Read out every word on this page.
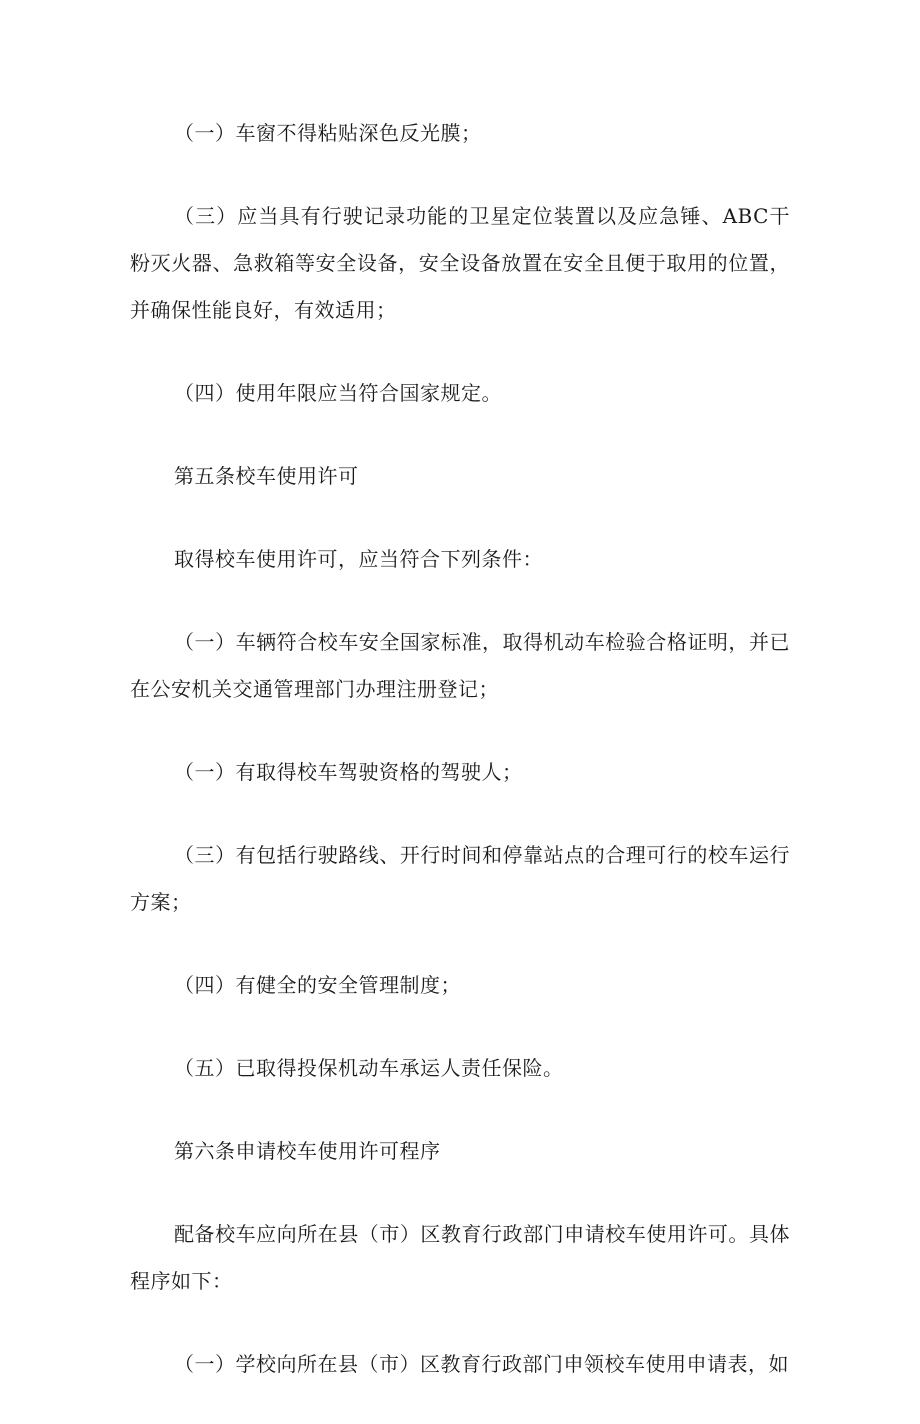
（一）车窗不得粘贴深色反光膜；

（三）应当具有行驶记录功能的卫星定位装置以及应急锤、ABC干粉灭火器、急救箱等安全设备，安全设备放置在安全且便于取用的位置，并确保性能良好，有效适用；

（四）使用年限应当符合国家规定。

第五条校车使用许可

取得校车使用许可，应当符合下列条件：

（一）车辆符合校车安全国家标准，取得机动车检验合格证明，并已在公安机关交通管理部门办理注册登记；

（一）有取得校车驾驶资格的驾驶人；

（三）有包括行驶路线、开行时间和停靠站点的合理可行的校车运行方案；

（四）有健全的安全管理制度；

（五）已取得投保机动车承运人责任保险。

第六条申请校车使用许可程序

配备校车应向所在县（市）区教育行政部门申请校车使用许可。具体程序如下：

（一）学校向所在县（市）区教育行政部门申领校车使用申请表，如
